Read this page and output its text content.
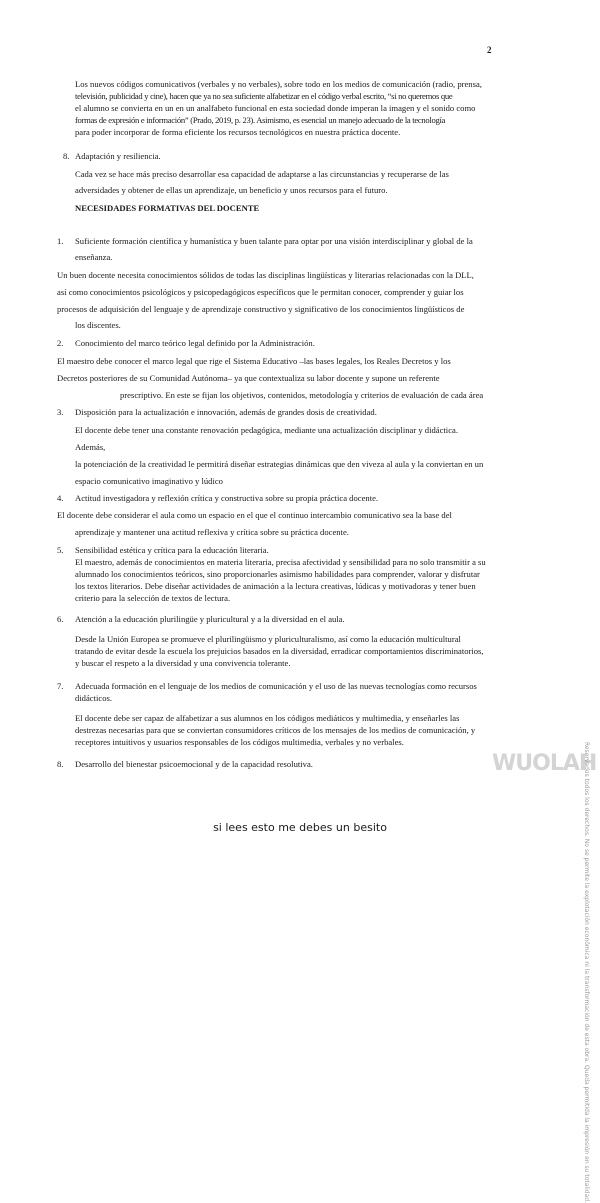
2
Los nuevos códigos comunicativos (verbales y no verbales), sobre todo en los medios de comunicación (radio, prensa,
televisión, publicidad y cine), hacen que ya no sea suficiente alfabetizar en el código verbal escrito, “si no queremos que
el alumno se convierta en un en un analfabeto funcional en esta sociedad donde imperan la imagen y el sonido como
formas de expresión e información” (Prado, 2019, p. 23). Asimismo, es esencial un manejo adecuado de la tecnología
para poder incorporar de forma eficiente los recursos tecnológicos en nuestra práctica docente.
8. Adaptación y resiliencia.
Cada vez se hace más preciso desarrollar esa capacidad de adaptarse a las circunstancias y recuperarse de las
adversidades y obtener de ellas un aprendizaje, un beneficio y unos recursos para el futuro.
NECESIDADES FORMATIVAS DEL DOCENTE
1. Suficiente formación científica y humanística y buen talante para optar por una visión interdisciplinar y global de la
enseñanza.
Un buen docente necesita conocimientos sólidos de todas las disciplinas lingüísticas y literarias relacionadas con la DLL,
así como conocimientos psicológicos y psicopedagógicos específicos que le permitan conocer, comprender y guiar los
procesos de adquisición del lenguaje y de aprendizaje constructivo y significativo de los conocimientos lingüísticos de
los discentes.
2. Conocimiento del marco teórico legal definido por la Administración.
El maestro debe conocer el marco legal que rige el Sistema Educativo –las bases legales, los Reales Decretos y los
Decretos posteriores de su Comunidad Autónoma– ya que contextualiza su labor docente y supone un referente
prescriptivo. En este se fijan los objetivos, contenidos, metodología y criterios de evaluación de cada área
3. Disposición para la actualización e innovación, además de grandes dosis de creatividad.
El docente debe tener una constante renovación pedagógica, mediante una actualización disciplinar y didáctica.
Además,
la potenciación de la creatividad le permitirá diseñar estrategias dinámicas que den viveza al aula y la conviertan en un
espacio comunicativo imaginativo y lúdico
4. Actitud investigadora y reflexión crítica y constructiva sobre su propia práctica docente.
El docente debe considerar el aula como un espacio en el que el continuo intercambio comunicativo sea la base del
aprendizaje y mantener una actitud reflexiva y crítica sobre su práctica docente.
5. Sensibilidad estética y crítica para la educación literaria.
El maestro, además de conocimientos en materia literaria, precisa afectividad y sensibilidad para no solo transmitir a su
alumnado los conocimientos teóricos, sino proporcionarles asimismo habilidades para comprender, valorar y disfrutar
los textos literarios. Debe diseñar actividades de animación a la lectura creativas, lúdicas y motivadoras y tener buen
criterio para la selección de textos de lectura.
6. Atención a la educación plurilingüe y pluricultural y a la diversidad en el aula.
Desde la Unión Europea se promueve el plurilingüismo y pluriculturalismo, así como la educación multicultural
tratando de evitar desde la escuela los prejuicios basados en la diversidad, erradicar comportamientos discriminatorios,
y buscar el respeto a la diversidad y una convivencia tolerante.
7. Adecuada formación en el lenguaje de los medios de comunicación y el uso de las nuevas tecnologías como recursos
didácticos.
El docente debe ser capaz de alfabetizar a sus alumnos en los códigos mediáticos y multimedia, y enseñarles las
destrezas necesarias para que se conviertan consumidores críticos de los mensajes de los medios de comunicación, y
receptores intuitivos y usuarios responsables de los códigos multimedia, verbales y no verbales.
8. Desarrollo del bienestar psicoemocional y de la capacidad resolutiva.	WUOLAH
si lees esto me debes un besito	Reservados todos los derechos. No se permite la explotación económica ni la transformación de esta obra. Queda permitida la impresión en su totalidad.
